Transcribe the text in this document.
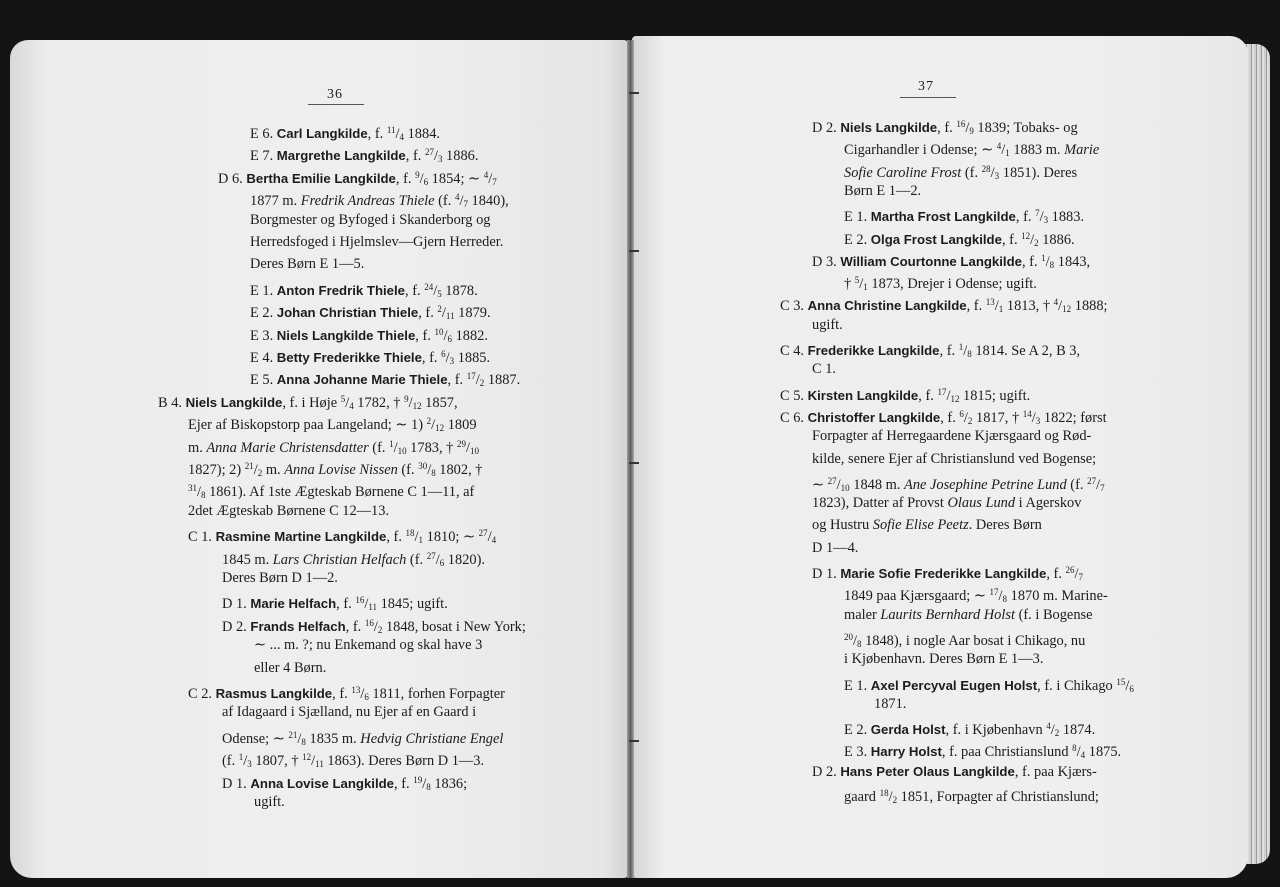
36
37
E 6. Carl Langkilde, f. $^{11}/_4$ 1884.
E 7. Margrethe Langkilde, f. $^{27}/_3$ 1886.
D 6. Bertha Emilie Langkilde, f. $^9/_6$ 1854; ∼ $^4/_7$
1877 m. Fredrik Andreas Thiele (f. $^4/_7$ 1840),
Borgmester og Byfoged i Skanderborg og
Herredsfoged i Hjelmslev—Gjern Herreder.
Deres Børn E 1—5.
E 1. Anton Fredrik Thiele, f. $^{24}/_5$ 1878.
E 2. Johan Christian Thiele, f. $^2/_{11}$ 1879.
E 3. Niels Langkilde Thiele, f. $^{10}/_6$ 1882.
E 4. Betty Frederikke Thiele, f. $^6/_3$ 1885.
E 5. Anna Johanne Marie Thiele, f. $^{17}/_2$ 1887.
B 4. Niels Langkilde, f. i Høje $^5/_4$ 1782, † $^9/_{12}$ 1857,
Ejer af Biskopstorp paa Langeland; ∼ 1) $^2/_{12}$ 1809
m. Anna Marie Christensdatter (f. $^1/_{10}$ 1783, † $^{29}/_{10}$
1827); 2) $^{21}/_2$ m. Anna Lovise Nissen (f. $^{30}/_8$ 1802, †
$^{31}/_8$ 1861). Af 1ste Ægteskab Børnene C 1—11, af
2det Ægteskab Børnene C 12—13.
C 1. Rasmine Martine Langkilde, f. $^{18}/_1$ 1810; ∼ $^{27}/_4$
1845 m. Lars Christian Helfach (f. $^{27}/_6$ 1820).
Deres Børn D 1—2.
D 1. Marie Helfach, f. $^{16}/_{11}$ 1845; ugift.
D 2. Frands Helfach, f. $^{16}/_2$ 1848, bosat i New York;
∼ ... m. ?; nu Enkemand og skal have 3
eller 4 Børn.
C 2. Rasmus Langkilde, f. $^{13}/_6$ 1811, forhen Forpagter
af Idagaard i Sjælland, nu Ejer af en Gaard i
Odense; ∼ $^{21}/_8$ 1835 m. Hedvig Christiane Engel
(f. $^1/_3$ 1807, † $^{12}/_{11}$ 1863). Deres Børn D 1—3.
D 1. Anna Lovise Langkilde, f. $^{19}/_8$ 1836;
ugift.
D 2. Niels Langkilde, f. $^{16}/_9$ 1839; Tobaks- og
Cigarhandler i Odense; ∼ $^4/_1$ 1883 m. Marie
Sofie Caroline Frost (f. $^{28}/_3$ 1851). Deres
Børn E 1—2.
E 1. Martha Frost Langkilde, f. $^7/_3$ 1883.
E 2. Olga Frost Langkilde, f. $^{12}/_2$ 1886.
D 3. William Courtonne Langkilde, f. $^1/_8$ 1843,
† $^5/_1$ 1873, Drejer i Odense; ugift.
C 3. Anna Christine Langkilde, f. $^{13}/_1$ 1813, † $^4/_{12}$ 1888;
ugift.
C 4. Frederikke Langkilde, f. $^1/_8$ 1814. Se A 2, B 3,
C 1.
C 5. Kirsten Langkilde, f. $^{17}/_{12}$ 1815; ugift.
C 6. Christoffer Langkilde, f. $^6/_2$ 1817, † $^{14}/_3$ 1822; først
Forpagter af Herregaardene Kjærsgaard og Rød-
kilde, senere Ejer af Christianslund ved Bogense;
∼ $^{27}/_{10}$ 1848 m. Ane Josephine Petrine Lund (f. $^{27}/_7$
1823), Datter af Provst Olaus Lund i Agerskov
og Hustru Sofie Elise Peetz. Deres Børn
D 1—4.
D 1. Marie Sofie Frederikke Langkilde, f. $^{26}/_7$
1849 paa Kjærsgaard; ∼ $^{17}/_8$ 1870 m. Marine-
maler Laurits Bernhard Holst (f. i Bogense
$^{20}/_8$ 1848), i nogle Aar bosat i Chikago, nu
i Kjøbenhavn. Deres Børn E 1—3.
E 1. Axel Percyval Eugen Holst, f. i Chikago $^{15}/_6$
1871.
E 2. Gerda Holst, f. i Kjøbenhavn $^4/_2$ 1874.
E 3. Harry Holst, f. paa Christianslund $^8/_4$ 1875.
D 2. Hans Peter Olaus Langkilde, f. paa Kjærs-
gaard $^{18}/_2$ 1851, Forpagter af Christianslund;
